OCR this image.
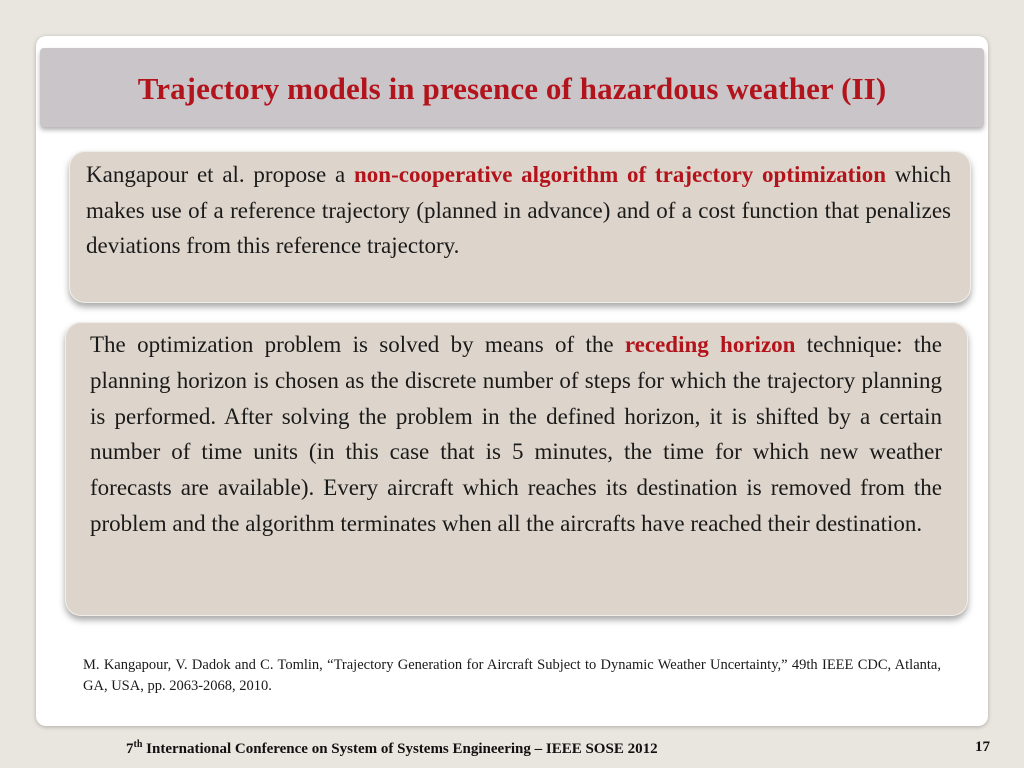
Trajectory models in presence of hazardous weather (II)

Kangapour et al. propose a non-cooperative algorithm of trajectory optimization which makes use of a reference trajectory (planned in advance) and of a cost function that penalizes deviations from this reference trajectory.

The optimization problem is solved by means of the receding horizon technique: the planning horizon is chosen as the discrete number of steps for which the trajectory planning is performed. After solving the problem in the defined horizon, it is shifted by a certain number of time units (in this case that is 5 minutes, the time for which new weather forecasts are available). Every aircraft which reaches its destination is removed from the problem and the algorithm terminates when all the aircrafts have reached their destination.

M. Kangapour, V. Dadok and C. Tomlin, “Trajectory Generation for Aircraft Subject to Dynamic Weather Uncertainty,” 49th IEEE CDC, Atlanta, GA, USA, pp. 2063-2068, 2010.

7th International Conference on System of Systems Engineering – IEEE SOSE 2012	17
